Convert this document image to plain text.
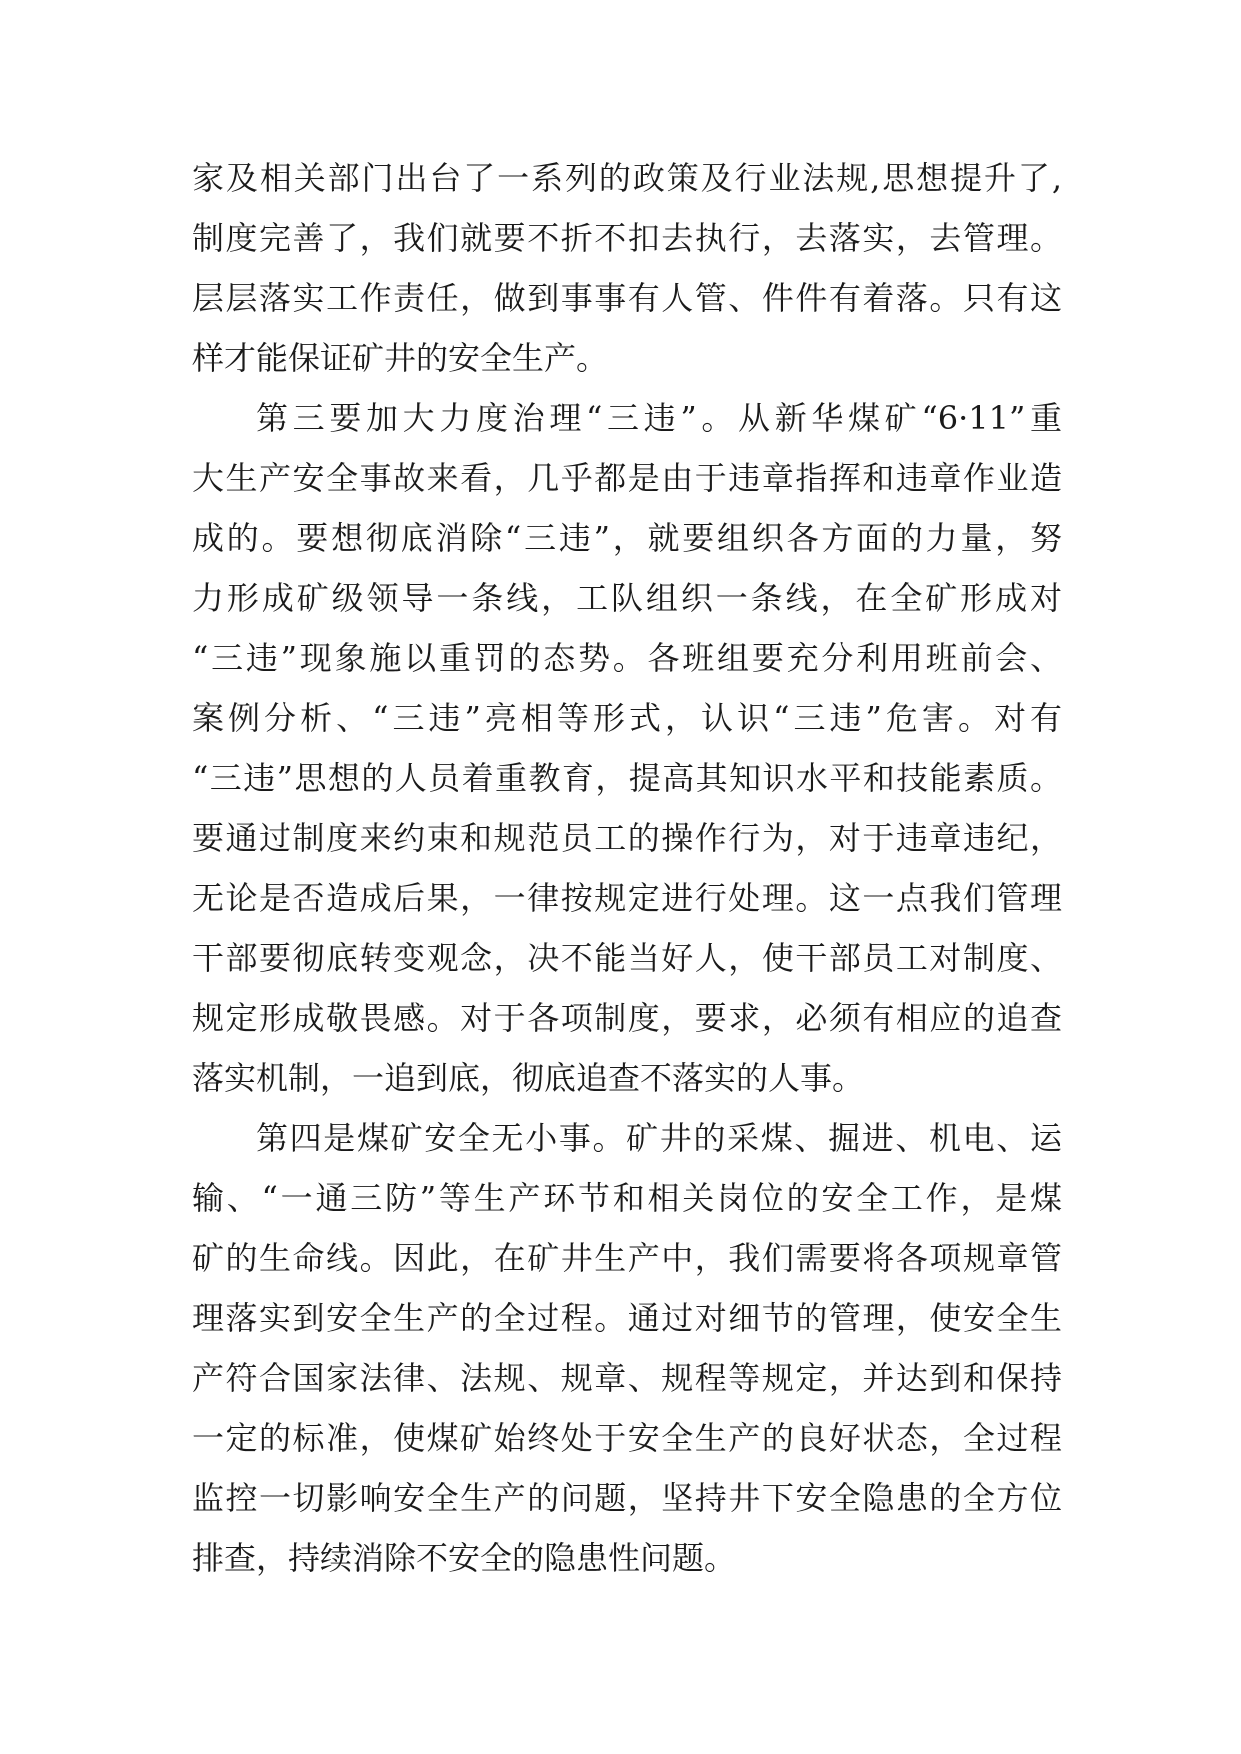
家及相关部门出台了一系列的政策及行业法规,思想提升了,
制度完善了，我们就要不折不扣去执行，去落实，去管理。
层层落实工作责任，做到事事有人管、件件有着落。只有这
样才能保证矿井的安全生产。
第三要加大力度治理“三违”。从新华煤矿“6·11”重
大生产安全事故来看，几乎都是由于违章指挥和违章作业造
成的。要想彻底消除“三违”，就要组织各方面的力量，努
力形成矿级领导一条线，工队组织一条线，在全矿形成对
“三违”现象施以重罚的态势。各班组要充分利用班前会、
案例分析、“三违”亮相等形式，认识“三违”危害。对有
“三违”思想的人员着重教育，提高其知识水平和技能素质。
要通过制度来约束和规范员工的操作行为，对于违章违纪，
无论是否造成后果，一律按规定进行处理。这一点我们管理
干部要彻底转变观念，决不能当好人，使干部员工对制度、
规定形成敬畏感。对于各项制度，要求，必须有相应的追查
落实机制，一追到底，彻底追查不落实的人事。
第四是煤矿安全无小事。矿井的采煤、掘进、机电、运
输、“一通三防”等生产环节和相关岗位的安全工作，是煤
矿的生命线。因此，在矿井生产中，我们需要将各项规章管
理落实到安全生产的全过程。通过对细节的管理，使安全生
产符合国家法律、法规、规章、规程等规定，并达到和保持
一定的标准，使煤矿始终处于安全生产的良好状态，全过程
监控一切影响安全生产的问题，坚持井下安全隐患的全方位
排查，持续消除不安全的隐患性问题。
